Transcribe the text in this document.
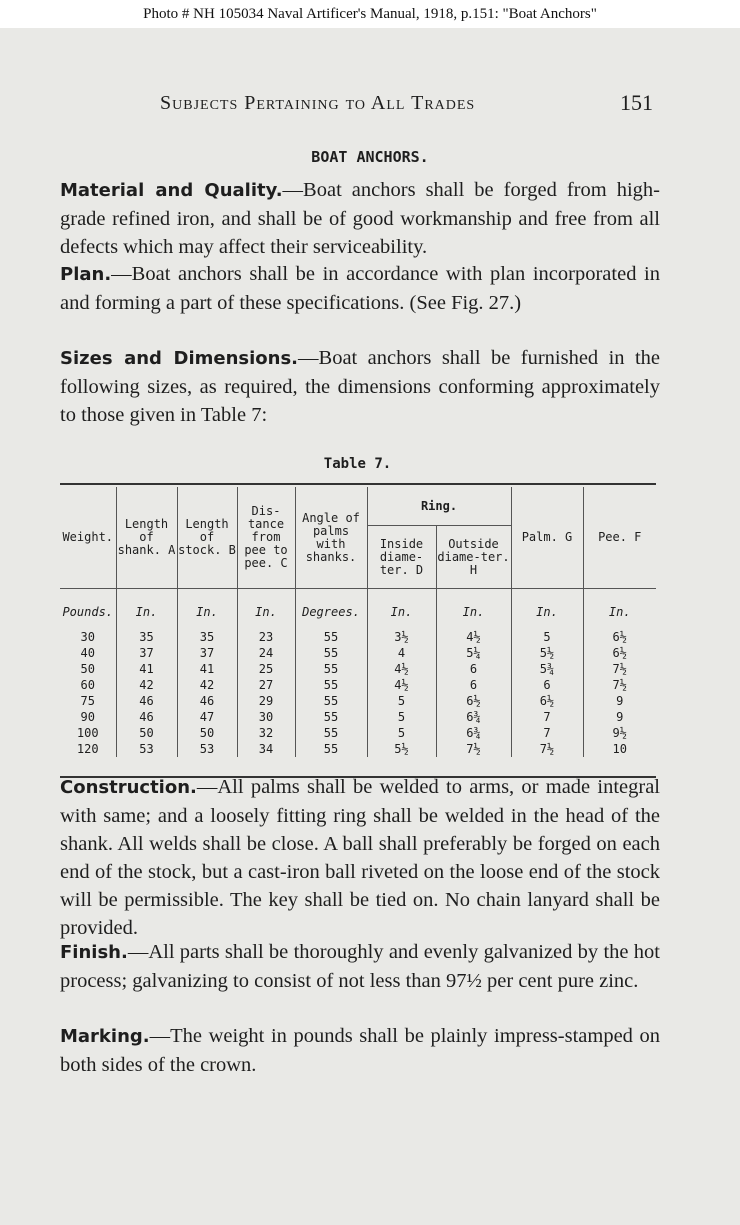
Photo # NH 105034 Naval Artificer's Manual, 1918, p.151: "Boat Anchors"
Subjects Pertaining to All Trades	151
BOAT ANCHORS.

Material and Quality.—Boat anchors shall be forged from high-grade refined iron, and shall be of good workmanship and free from all defects which may affect their serviceability.

Plan.—Boat anchors shall be in accordance with plan incorporated in and forming a part of these specifications. (See Fig. 27.)

Sizes and Dimensions.—Boat anchors shall be furnished in the following sizes, as required, the dimensions conforming approximately to those given in Table 7:

Table 7.
Weight.	Length of shank. A	Length of stock. B	Dis-tance from pee to pee. C	Angle of palms with shanks.	Ring.		Palm. G	Pee. F
					Inside diame-ter. D	Outside diame-ter. H		
Pounds.	In.	In.	In.	Degrees.	In.	In.	In.	In.
30	35	35	23	55	3½	4½	5	6½
40	37	37	24	55	4	5¼	5½	6½
50	41	41	25	55	4½	6	5¾	7½
60	42	42	27	55	4½	6	6	7½
75	46	46	29	55	5	6½	6½	9
90	46	47	30	55	5	6¾	7	9
100	50	50	32	55	5	6¾	7	9½
120	53	53	34	55	5½	7½	7½	10

Construction.—All palms shall be welded to arms, or made integral with same; and a loosely fitting ring shall be welded in the head of the shank. All welds shall be close. A ball shall preferably be forged on each end of the stock, but a cast-iron ball riveted on the loose end of the stock will be permissible. The key shall be tied on. No chain lanyard shall be provided.

Finish.—All parts shall be thoroughly and evenly galvanized by the hot process; galvanizing to consist of not less than 97½ per cent pure zinc.

Marking.—The weight in pounds shall be plainly impress-stamped on both sides of the crown.
